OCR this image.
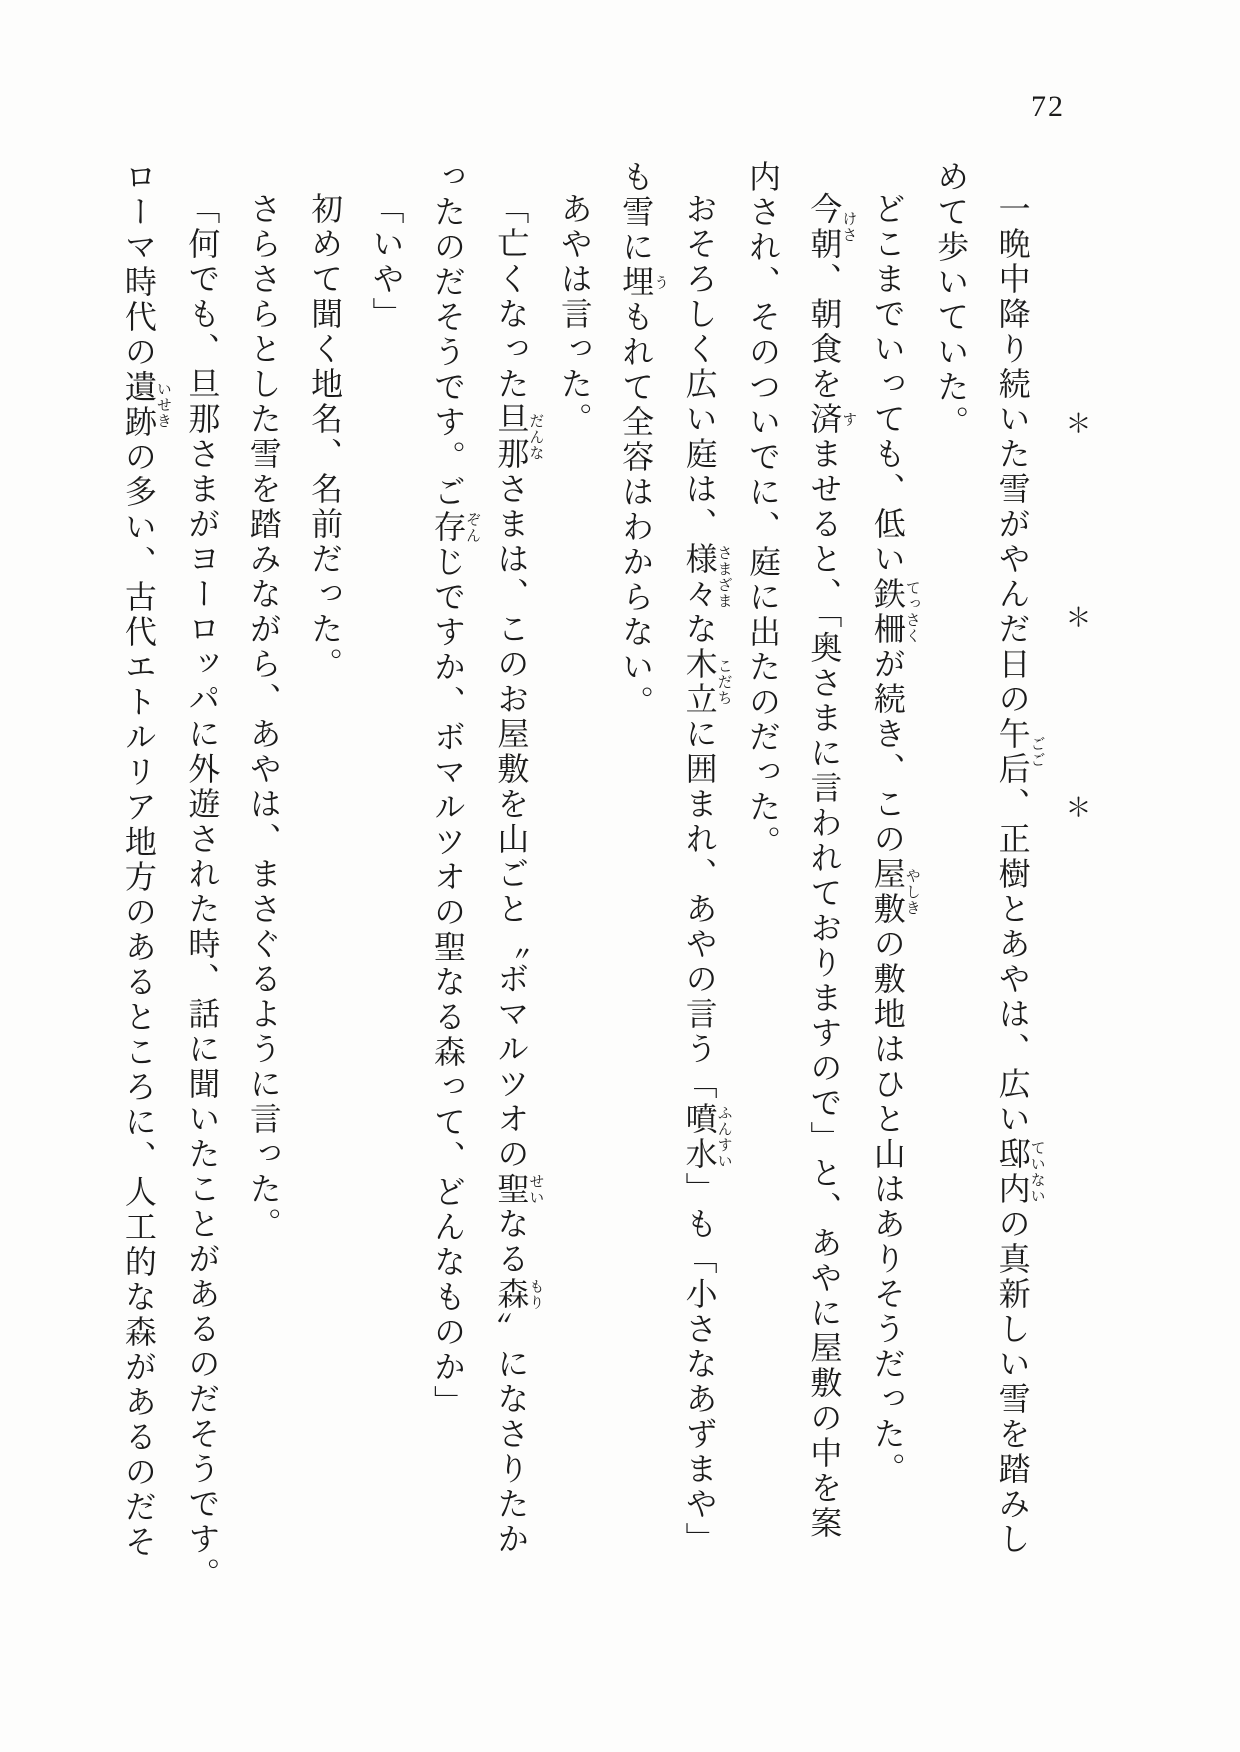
72

＊＊＊

一晩中降り続いた雪がやんだ日の午后ごご、正樹とあやは、広い邸内ていないの真新しい雪を踏みし

めて歩いていた。

どこまでいっても、低い鉄柵てっさくが続き、この屋敷やしきの敷地はひと山はありそうだった。

今朝けさ、朝食を済すませると、「奥さまに言われておりますので」と、あやに屋敷の中を案

内され、そのついでに、庭に出たのだった。

おそろしく広い庭は、様々さまざまな木立こだちに囲まれ、あやの言う「噴水ふんすい」も「小さなあずまや」

も雪に埋うもれて全容はわからない。

あやは言った。

「亡くなった旦那だんなさまは、このお屋敷を山ごと〝ボマルツオの聖せいなる森もり〟になさりたか

ったのだそうです。ご存ぞんじですか、ボマルツオの聖なる森って、どんなものか」

「いや」

初めて聞く地名、名前だった。

さらさらとした雪を踏みながら、あやは、まさぐるように言った。

「何でも、旦那さまがヨーロッパに外遊された時、話に聞いたことがあるのだそうです。

ローマ時代の遺跡いせきの多い、古代エトルリア地方のあるところに、人工的な森があるのだそ
